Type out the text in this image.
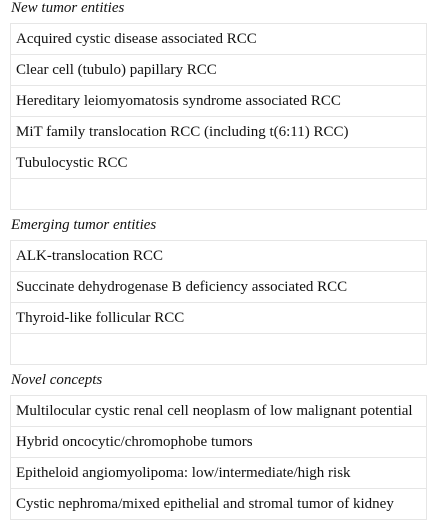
New tumor entities
Acquired cystic disease associated RCC
Clear cell (tubulo) papillary RCC
Hereditary leiomyomatosis syndrome associated RCC
MiT family translocation RCC (including t(6:11) RCC)
Tubulocystic RCC
Emerging tumor entities
ALK-translocation RCC
Succinate dehydrogenase B deficiency associated RCC
Thyroid-like follicular RCC
Novel concepts
Multilocular cystic renal cell neoplasm of low malignant potential
Hybrid oncocytic/chromophobe tumors
Epitheloid angiomyolipoma: low/intermediate/high risk
Cystic nephroma/mixed epithelial and stromal tumor of kidney
